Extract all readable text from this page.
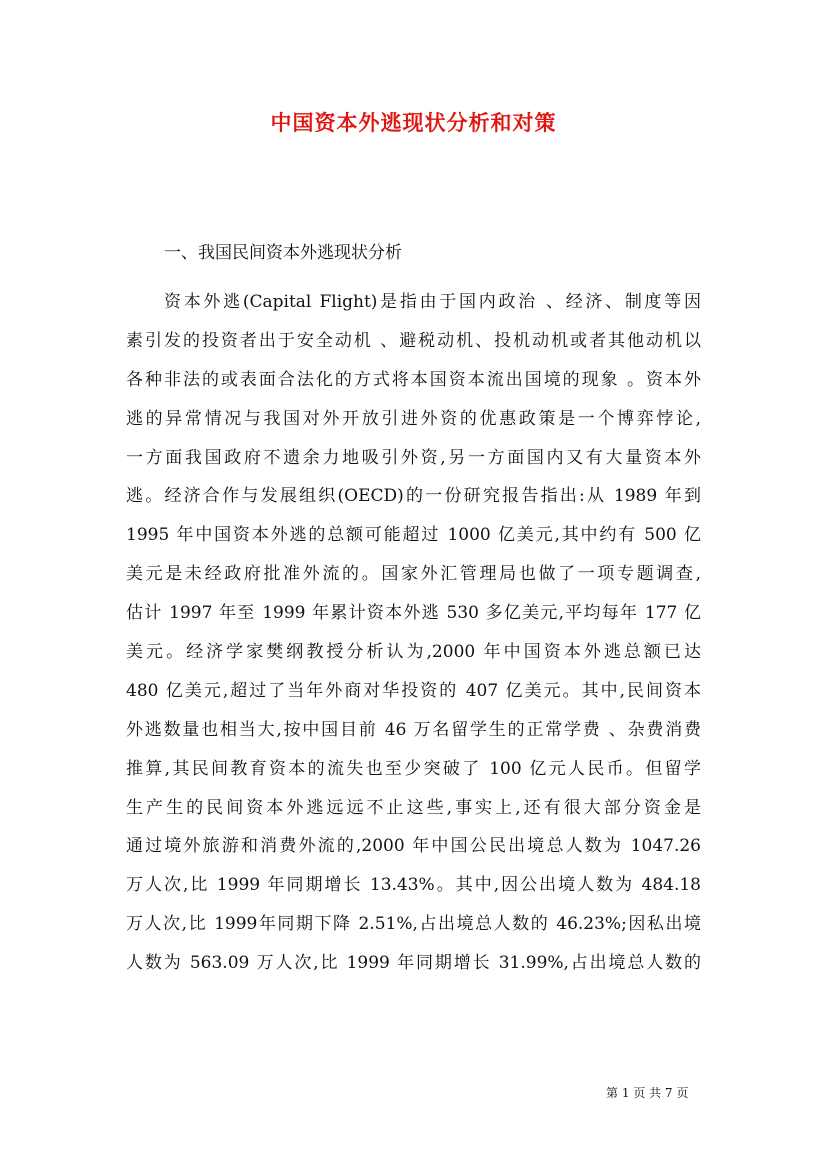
中国资本外逃现状分析和对策
一、我国民间资本外逃现状分析
资本外逃(Capital Flight)是指由于国内政治 、经济、制度等因
素引发的投资者出于安全动机 、避税动机、投机动机或者其他动机以
各种非法的或表面合法化的方式将本国资本流出国境的现象 。资本外
逃的异常情况与我国对外开放引进外资的优惠政策是一个博弈悖论,
一方面我国政府不遗余力地吸引外资,另一方面国内又有大量资本外
逃。经济合作与发展组织(OECD)的一份研究报告指出:从 1989 年到
1995 年中国资本外逃的总额可能超过 1000 亿美元,其中约有 500 亿
美元是未经政府批准外流的。国家外汇管理局也做了一项专题调查,
估计 1997 年至 1999 年累计资本外逃 530 多亿美元,平均每年 177 亿
美元。经济学家樊纲教授分析认为,2000 年中国资本外逃总额已达
480 亿美元,超过了当年外商对华投资的 407 亿美元。其中,民间资本
外逃数量也相当大,按中国目前 46 万名留学生的正常学费 、杂费消费
推算,其民间教育资本的流失也至少突破了 100 亿元人民币。但留学
生产生的民间资本外逃远远不止这些,事实上,还有很大部分资金是
通过境外旅游和消费外流的,2000 年中国公民出境总人数为 1047.26
万人次,比 1999 年同期增长 13.43%。其中,因公出境人数为 484.18
万人次,比 1999年同期下降 2.51%,占出境总人数的 46.23%;因私出境
人数为 563.09 万人次,比 1999 年同期增长 31.99%,占出境总人数的
第 1 页 共 7 页
